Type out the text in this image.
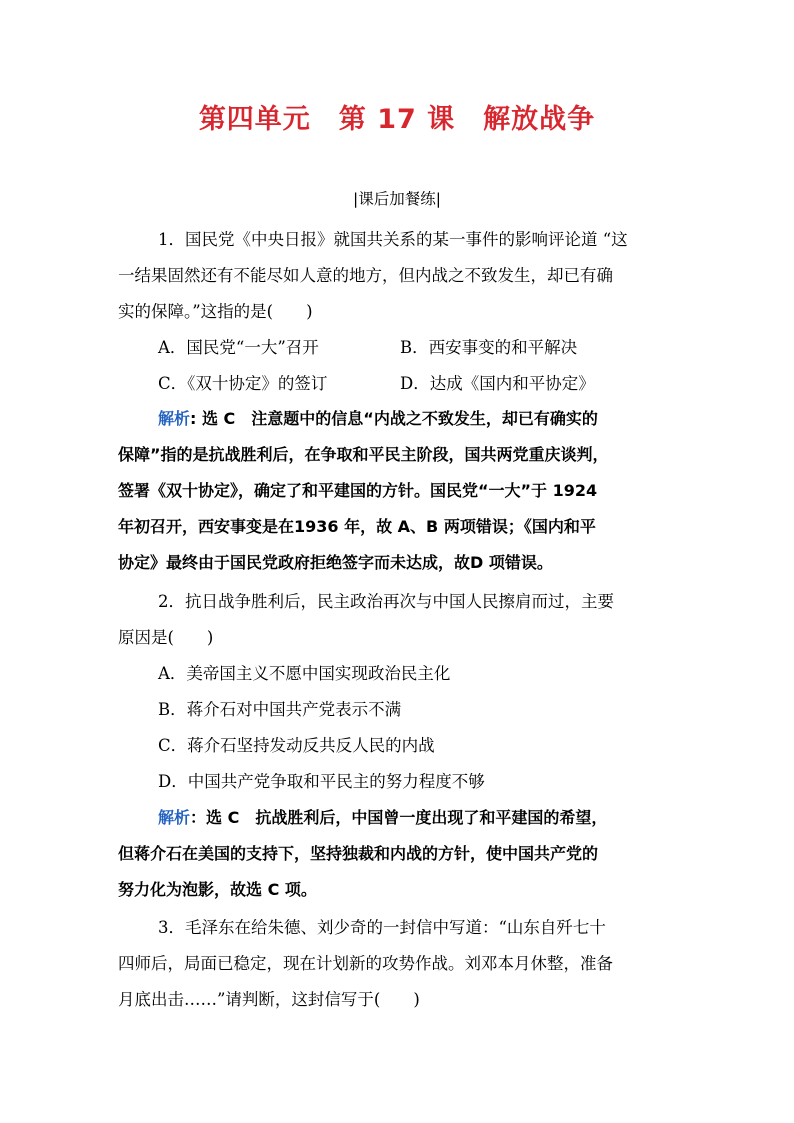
第四单元　第 17 课　解放战争
|课后加餐练|
1．国民党《中央日报》就国共关系的某一事件的影响评论道 “这
一结果固然还有不能尽如人意的地方，但内战之不致发生，却已有确
实的保障。”这指的是(　　)
A．国民党“一大”召开	B．西安事变的和平解决
C．《双十协定》的签订	D．达成《国内和平协定》
解析: 选 C　注意题中的信息“内战之不致发生，却已有确实的
保障”指的是抗战胜利后，在争取和平民主阶段，国共两党重庆谈判，
签署《双十协定》，确定了和平建国的方针。国民党“一大”于 1924
年初召开，西安事变是在1936 年，故 A、B 两项错误；《国内和平
协定》最终由于国民党政府拒绝签字而未达成，故D 项错误。
2．抗日战争胜利后，民主政治再次与中国人民擦肩而过，主要
原因是(　　)
A．美帝国主义不愿中国实现政治民主化
B．蒋介石对中国共产党表示不满
C．蒋介石坚持发动反共反人民的内战
D．中国共产党争取和平民主的努力程度不够
解析：选 C　抗战胜利后，中国曾一度出现了和平建国的希望，
但蒋介石在美国的支持下，坚持独裁和内战的方针，使中国共产党的
努力化为泡影，故选 C 项。
3．毛泽东在给朱德、刘少奇的一封信中写道：“山东自歼七十
四师后，局面已稳定，现在计划新的攻势作战。刘邓本月休整，准备
月底出击……”请判断，这封信写于(　　)
